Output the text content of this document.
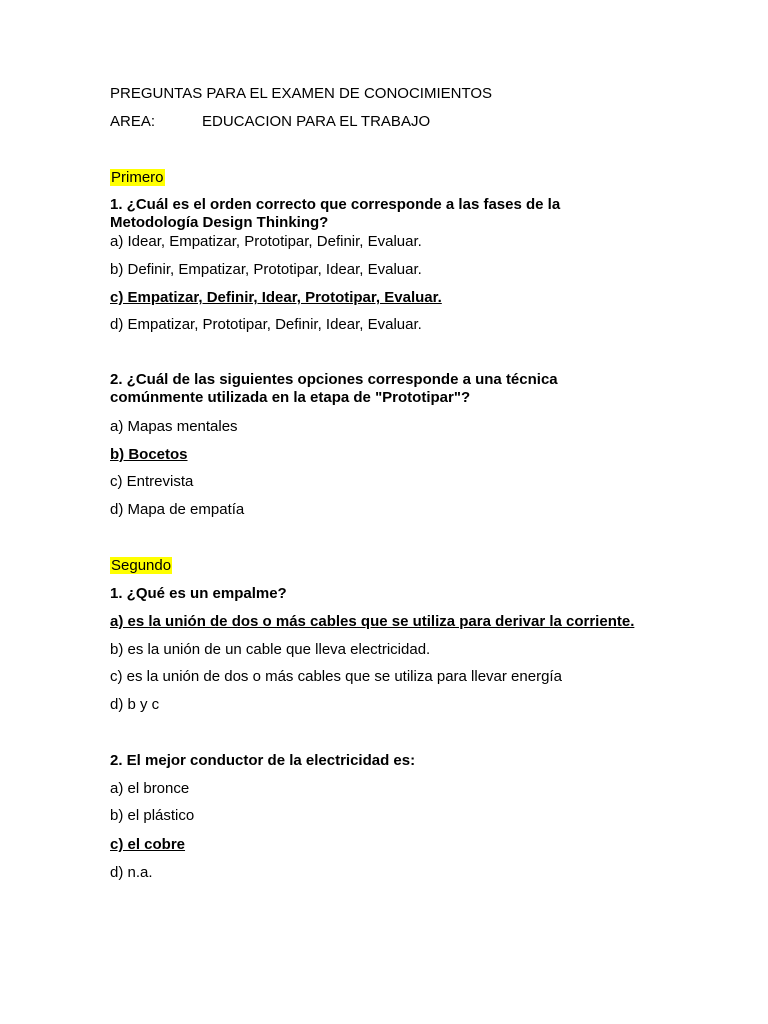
PREGUNTAS PARA EL EXAMEN DE CONOCIMIENTOS
AREA:	EDUCACION PARA EL TRABAJO
Primero
1. ¿Cuál es el orden correcto que corresponde a las fases de la
Metodología Design Thinking?
a) Idear, Empatizar, Prototipar, Definir, Evaluar.
b) Definir, Empatizar, Prototipar, Idear, Evaluar.
c) Empatizar, Definir, Idear, Prototipar, Evaluar.
d) Empatizar, Prototipar, Definir, Idear, Evaluar.
2. ¿Cuál de las siguientes opciones corresponde a una técnica
comúnmente utilizada en la etapa de "Prototipar"?
a) Mapas mentales
b) Bocetos
c) Entrevista
d) Mapa de empatía
Segundo
1. ¿Qué es un empalme?
a) es la unión de dos o más cables que se utiliza para derivar la corriente.
b) es la unión de un cable que lleva electricidad.
c) es la unión de dos o más cables que se utiliza para llevar energía
d) b y c
2. El mejor conductor de la electricidad es:
a) el bronce
b) el plástico
c) el cobre
d) n.a.
